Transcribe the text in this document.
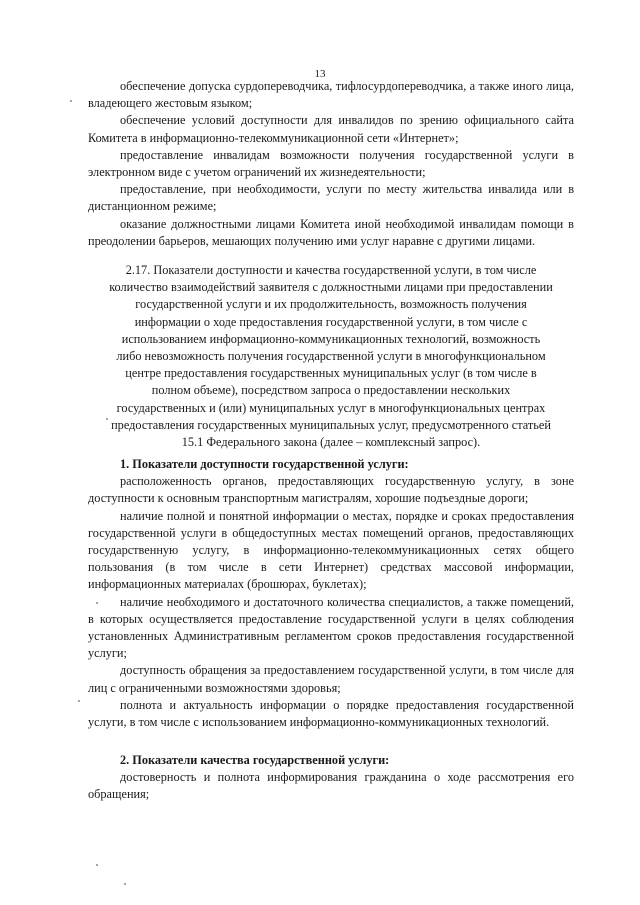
13

обеспечение допуска сурдопереводчика, тифлосурдопереводчика, а также иного лица, владеющего жестовым языком;

обеспечение условий доступности для инвалидов по зрению официального сайта Комитета в информационно-телекоммуникационной сети «Интернет»;

предоставление инвалидам возможности получения государственной услуги в электронном виде с учетом ограничений их жизнедеятельности;

предоставление, при необходимости, услуги по месту жительства инвалида или в дистанционном режиме;

оказание должностными лицами Комитета иной необходимой инвалидам помощи в преодолении барьеров, мешающих получению ими услуг наравне с другими лицами.

2.17. Показатели доступности и качества государственной услуги, в том числе

количество взаимодействий заявителя с должностными лицами при предоставлении

государственной услуги и их продолжительность, возможность получения

информации о ходе предоставления государственной услуги, в том числе с

использованием информационно-коммуникационных технологий, возможность

либо невозможность получения государственной услуги в многофункциональном

центре предоставления государственных муниципальных услуг (в том числе в

полном объеме), посредством запроса о предоставлении нескольких

государственных и (или) муниципальных услуг в многофункциональных центрах

предоставления государственных муниципальных услуг, предусмотренного статьей

15.1 Федерального закона (далее – комплексный запрос).

1. Показатели доступности государственной услуги:

расположенность органов, предоставляющих государственную услугу, в зоне доступности к основным транспортным магистралям, хорошие подъездные дороги;

наличие полной и понятной информации о местах, порядке и сроках предоставления государственной услуги в общедоступных местах помещений органов, предоставляющих государственную услугу, в информационно-телекоммуникационных сетях общего пользования (в том числе в сети Интернет) средствах массовой информации, информационных материалах (брошюрах, буклетах);

наличие необходимого и достаточного количества специалистов, а также помещений, в которых осуществляется предоставление государственной услуги в целях соблюдения установленных Административным регламентом сроков предоставления государственной услуги;

доступность обращения за предоставлением государственной услуги, в том числе для лиц с ограниченными возможностями здоровья;

полнота и актуальность информации о порядке предоставления государственной услуги, в том числе с использованием информационно-коммуникационных технологий.

2. Показатели качества государственной услуги:

достоверность и полнота информирования гражданина о ходе рассмотрения его обращения;
